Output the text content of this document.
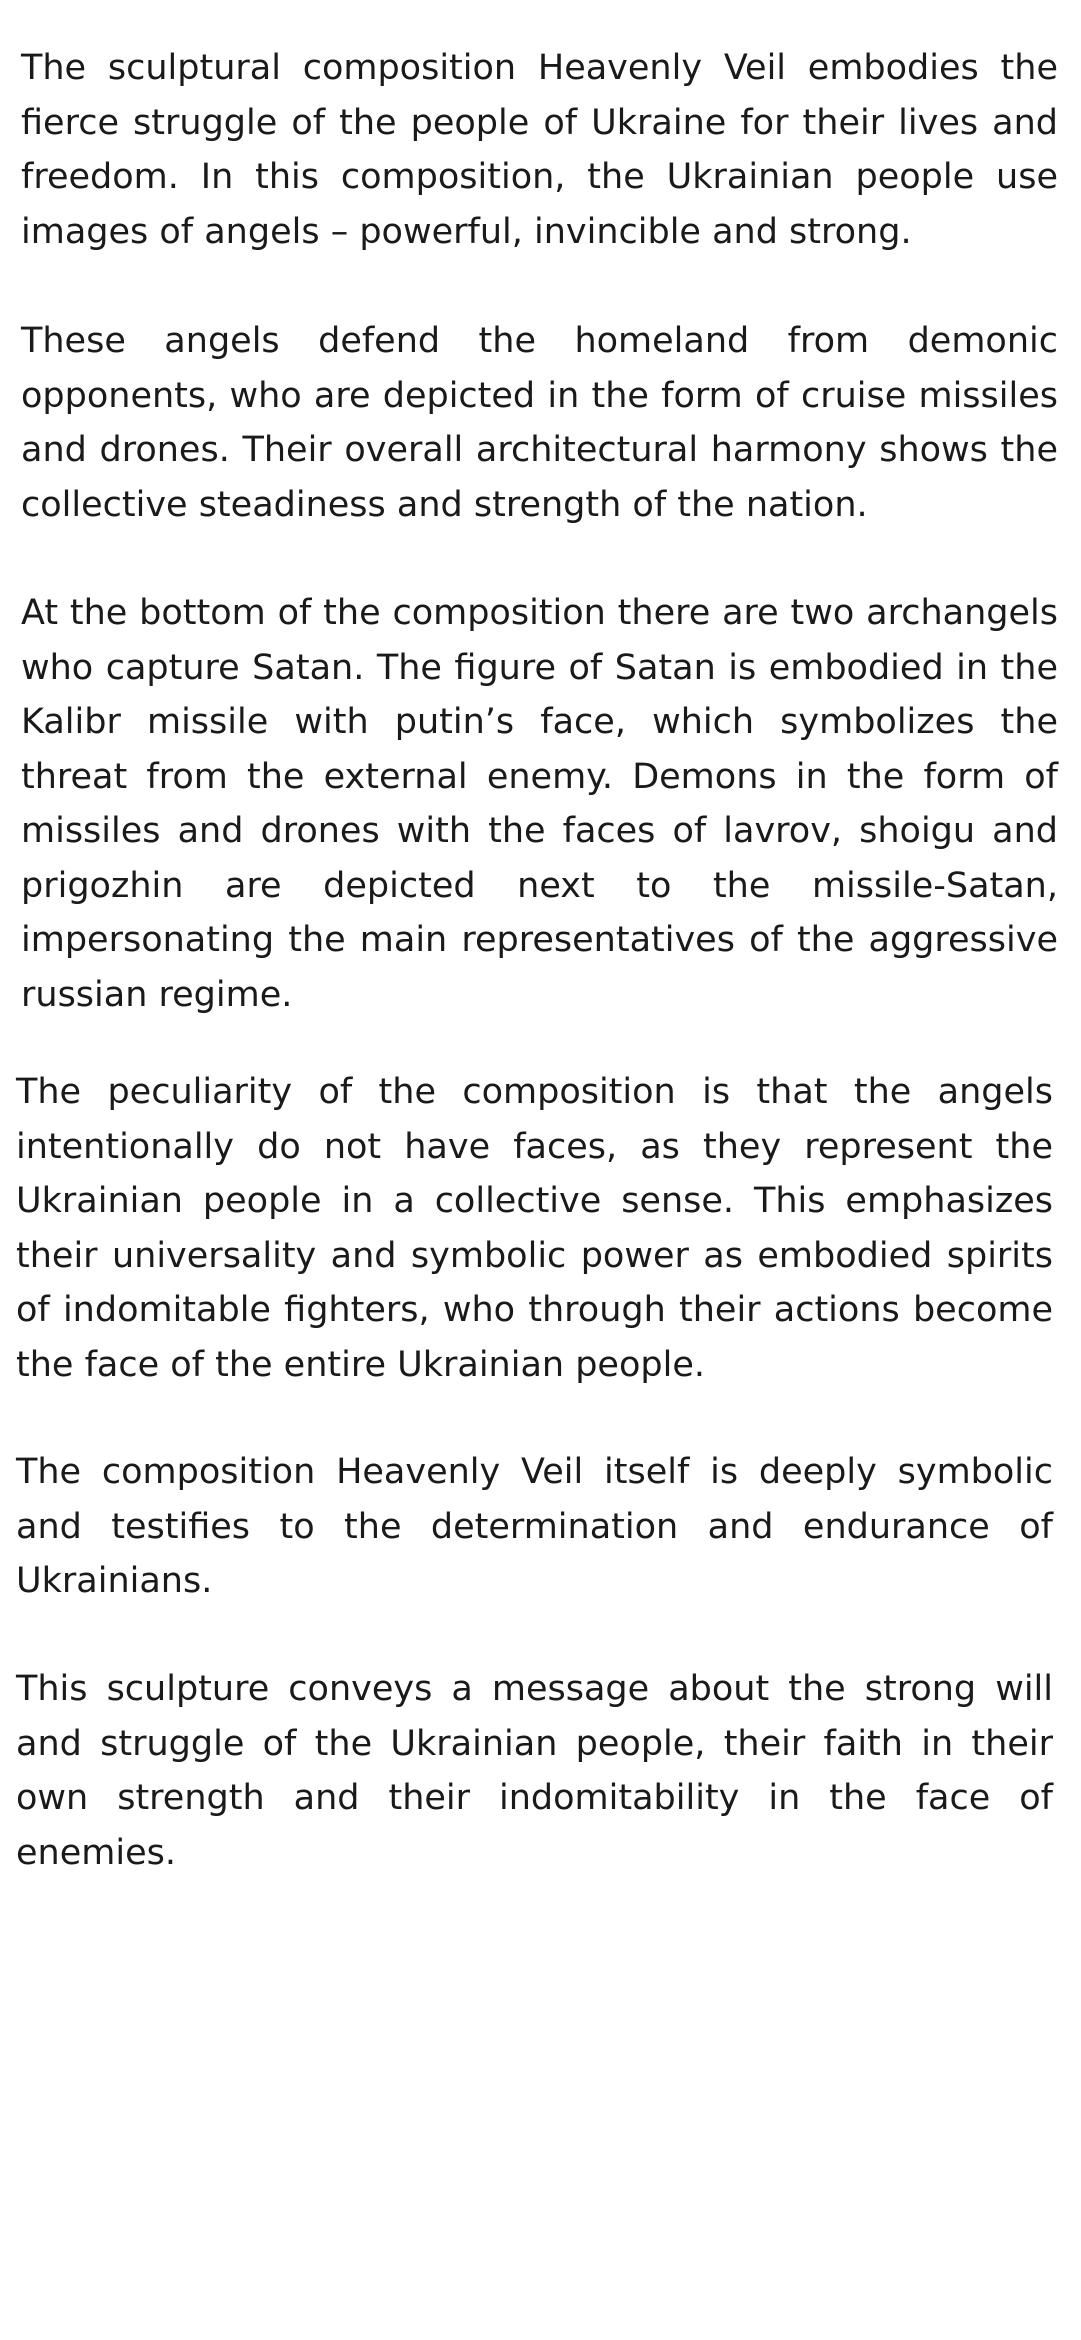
The sculptural composition Heavenly Veil embodies the fierce struggle of the people of Ukraine for their lives and freedom. In this composition, the Ukrainian people use images of angels – powerful, invincible and strong.

These angels defend the homeland from demonic opponents, who are depicted in the form of cruise missiles and drones. Their overall architectural harmony shows the collective steadiness and strength of the nation.

At the bottom of the composition there are two archangels who capture Satan. The figure of Satan is embodied in the Kalibr missile with putin’s face, which symbolizes the threat from the external enemy. Demons in the form of missiles and drones with the faces of lavrov, shoigu and prigozhin are depicted next to the missile-Satan, impersonating the main representatives of the aggressive russian regime.

The peculiarity of the composition is that the angels intentionally do not have faces, as they represent the Ukrainian people in a collective sense. This emphasizes their universality and symbolic power as embodied spirits of indomitable fighters, who through their actions become the face of the entire Ukrainian people.

The composition Heavenly Veil itself is deeply symbolic and testifies to the determination and endurance of Ukrainians.

This sculpture conveys a message about the strong will and struggle of the Ukrainian people, their faith in their own strength and their indomitability in the face of enemies.
